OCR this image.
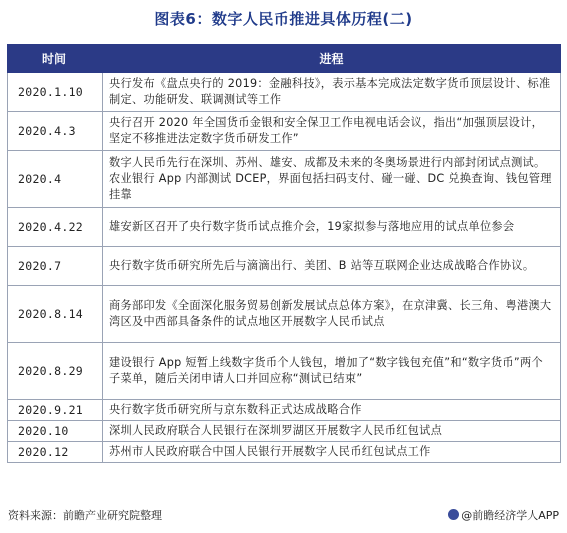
图表6：数字人民币推进具体历程(二)
时间	进程
2020.1.10	央行发布《盘点央行的 2019：金融科技》，表示基本完成法定数字货币顶层设计、标准制定、功能研发、联调测试等工作
2020.4.3	央行召开 2020 年全国货币金银和安全保卫工作电视电话会议，指出“加强顶层设计，坚定不移推进法定数字货币研发工作”
2020.4	数字人民币先行在深圳、苏州、雄安、成都及未来的冬奥场景进行内部封闭试点测试。农业银行 App 内部测试 DCEP，界面包括扫码支付、碰一碰、DC 兑换查询、钱包管理挂靠
2020.4.22	雄安新区召开了央行数字货币试点推介会，19家拟参与落地应用的试点单位参会
2020.7	央行数字货币研究所先后与滴滴出行、美团、B 站等互联网企业达成战略合作协议。
2020.8.14	商务部印发《全面深化服务贸易创新发展试点总体方案》，在京津冀、长三角、粤港澳大湾区及中西部具备条件的试点地区开展数字人民币试点
2020.8.29	建设银行 App 短暂上线数字货币个人钱包，增加了“数字钱包充值”和“数字货币”两个子菜单，随后关闭申请人口并回应称“测试已结束”
2020.9.21	央行数字货币研究所与京东数科正式达成战略合作
2020.10	深圳人民政府联合人民银行在深圳罗湖区开展数字人民币红包试点
2020.12	苏州市人民政府联合中国人民银行开展数字人民币红包试点工作
资料来源：前瞻产业研究院整理	@前瞻经济学人APP
